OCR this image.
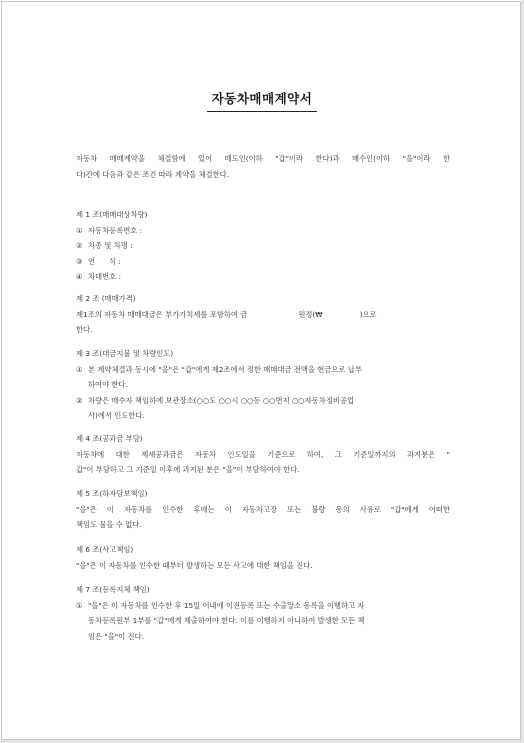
자동차매매계약서
자동차 매매계약을 체결함에 있어 매도인(이하 "갑"이라 한다)과 매수인(이하 "을"이라 한
다)간에 다음과 같은 조건 따라 계약을 체결한다.
제 1 조(매매대상차량)
① 자동차등록번호 :
② 차종 및 차명 :
③ 연      식 :
④ 차대번호 :
제 2 조 (매매가격)
제1조의 자동차 매매대금은 부가가치세를 포함하여 금                      원정(₩                )으로
한다.
제 3 조(대금지불 및 차량인도)
① 본 계약체결과 동시에 "을"은 "갑"에게 제2조에서 정한 매매대금 전액을 현금으로 납부
하여야 한다.
② 차량은 매수자 책임하에 보관장소(○○도 ○○시 ○○동 ○○번지 ○○자동차정비공업
사)에서 인도한다.
제 4 조(공과금 부담)
자동차에 대한 제세공과금은 자동차 인도일을 기준으로 하여, 그 기준일까지의 과지분은 "
갑"이 부담하고 그 기준일 이후에 과지된 분은 "을"이 부담하여야 한다.
제 5 조(하자담보책임)
"을"은 이 자동차를 인수한 후에는 이 자동차고장 또는 불량 등의 사유로 "갑"에게 어떠한
책임도 물을 수 없다.
제 6 조(사고책임)
"을"은 이 자동차를 인수한 때부터 발생하는 모든 사고에 대한 책임을 진다.
제 7 조(등록지체 책임)
① "을"은 이 자동차를 인수한 후 15일 이내에 이전등록 또는 수출말소 등록을 이행하고 자
동차등록원부 1부를 "갑"에게 제출하여야 한다. 이를 이행하지 아니하여 발생한 모든 책
임은 "을"이 진다.
